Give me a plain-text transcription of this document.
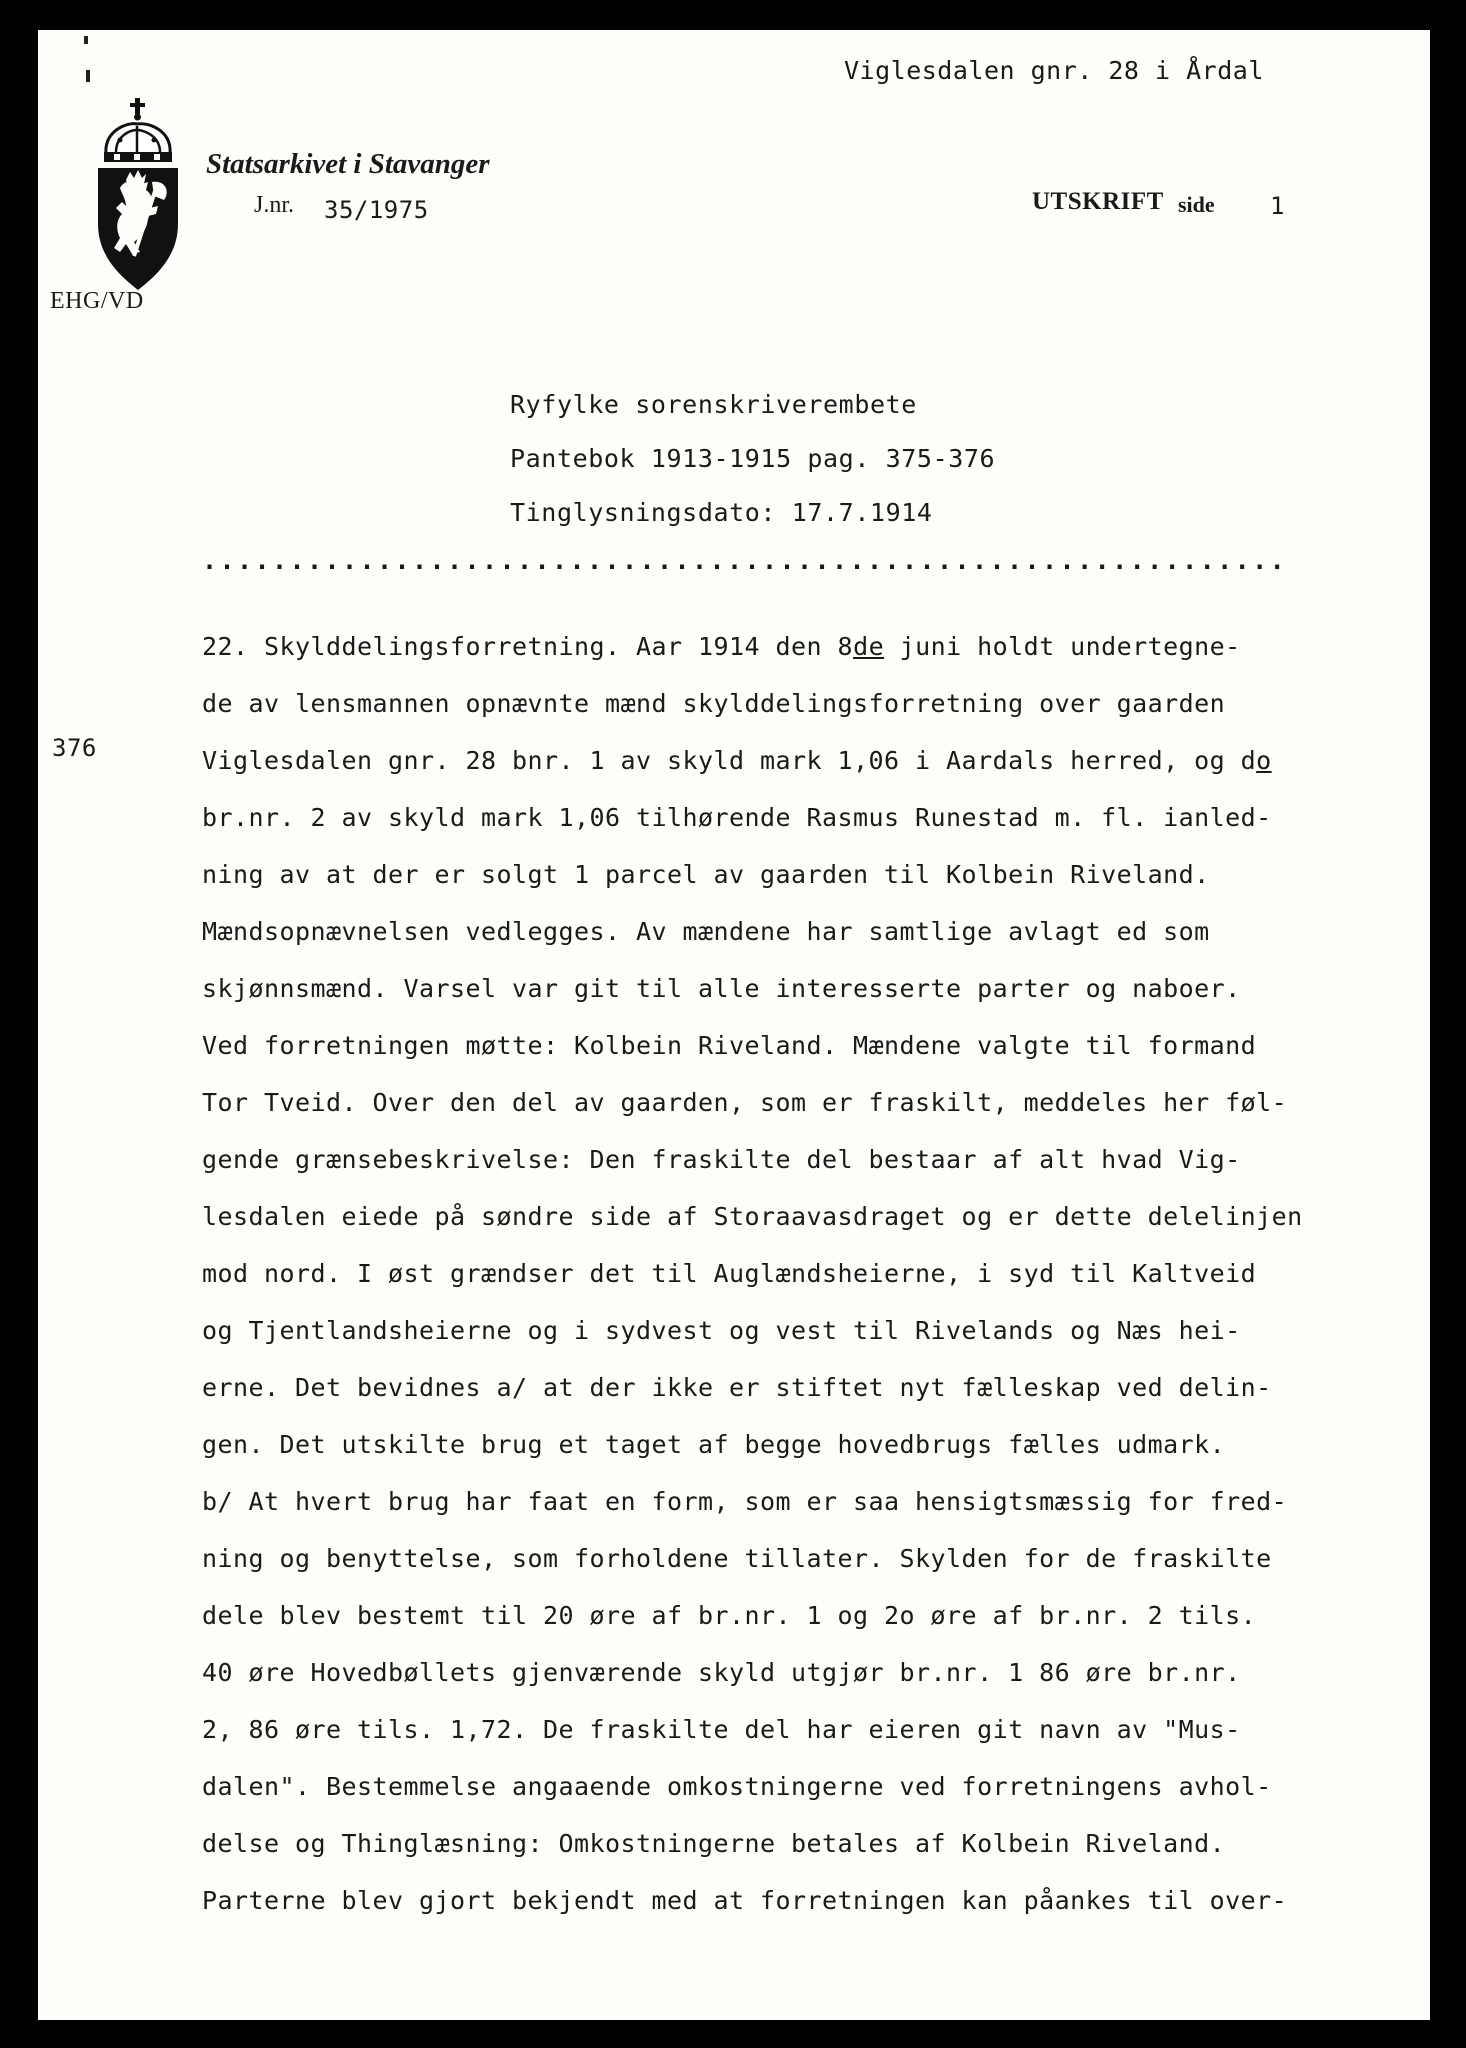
Viglesdalen gnr. 28 i Årdal
Statsarkivet i Stavanger
J.nr. 35/1975	UTSKRIFT side 1
EHG/VD
Ryfylke sorenskriverembete
Pantebok 1913-1915 pag. 375-376
Tinglysningsdato: 17.7.1914
..............................................................
376
22. Skylddelingsforretning. Aar 1914 den 8de juni holdt undertegne-
de av lensmannen opnævnte mænd skylddelingsforretning over gaarden
Viglesdalen gnr. 28 bnr. 1 av skyld mark 1,06 i Aardals herred, og do
br.nr. 2 av skyld mark 1,06 tilhørende Rasmus Runestad m. fl. ianled-
ning av at der er solgt 1 parcel av gaarden til Kolbein Riveland.
Mændsopnævnelsen vedlegges. Av mændene har samtlige avlagt ed som
skjønnsmænd. Varsel var git til alle interesserte parter og naboer.
Ved forretningen møtte: Kolbein Riveland. Mændene valgte til formand
Tor Tveid. Over den del av gaarden, som er fraskilt, meddeles her føl-
gende grænsebeskrivelse: Den fraskilte del bestaar af alt hvad Vig-
lesdalen eiede på søndre side af Storaavasdraget og er dette delelinjen
mod nord. I øst grændser det til Auglændsheierne, i syd til Kaltveid
og Tjentlandsheierne og i sydvest og vest til Rivelands og Næs hei-
erne. Det bevidnes a/ at der ikke er stiftet nyt fælleskap ved delin-
gen. Det utskilte brug et taget af begge hovedbrugs fælles udmark.
b/ At hvert brug har faat en form, som er saa hensigtsmæssig for fred-
ning og benyttelse, som forholdene tillater. Skylden for de fraskilte
dele blev bestemt til 20 øre af br.nr. 1 og 2o øre af br.nr. 2 tils.
40 øre Hovedbøllets gjenværende skyld utgjør br.nr. 1 86 øre br.nr.
2, 86 øre tils. 1,72. De fraskilte del har eieren git navn av "Mus-
dalen". Bestemmelse angaaende omkostningerne ved forretningens avhol-
delse og Thinglæsning: Omkostningerne betales af Kolbein Riveland.
Parterne blev gjort bekjendt med at forretningen kan påankes til over-
